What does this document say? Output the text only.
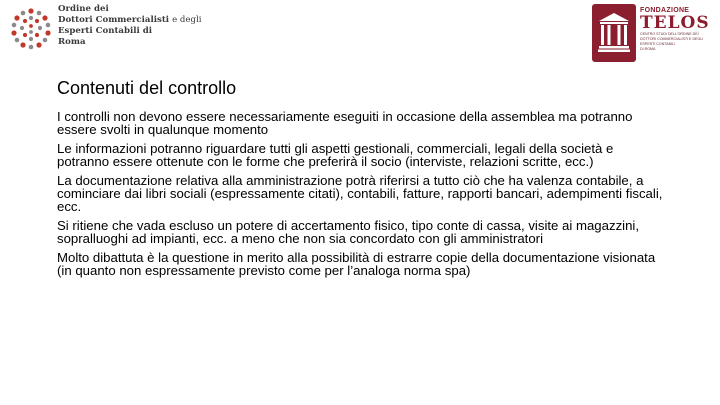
Ordine dei
Dottori Commercialisti e degli
Esperti Contabili di
Roma
FONDAZIONE
TELOS
CENTRO STUDI DELL'ORDINE DEI
DOTTORI COMMERCIALISTI E DEGLI
ESPERTI CONTABILI
DI ROMA
Contenuti del controllo

I controlli non devono essere necessariamente eseguiti in occasione della assemblea ma potranno essere svolti in qualunque momento

Le informazioni potranno riguardare tutti gli aspetti gestionali, commerciali, legali della società e potranno essere ottenute con le forme che preferirà il socio (interviste, relazioni scritte, ecc.)

La documentazione relativa alla amministrazione potrà riferirsi a tutto ciò che ha valenza contabile, a cominciare dai libri sociali (espressamente citati), contabili, fatture, rapporti bancari, adempimenti fiscali, ecc.

Si ritiene che vada escluso un potere di accertamento fisico, tipo conte di cassa, visite ai magazzini, sopralluoghi ad impianti, ecc. a meno che non sia concordato con gli amministratori

Molto dibattuta è la questione in merito alla possibilità di estrarre copie della documentazione visionata (in quanto non espressamente previsto come per l’analoga norma spa)
